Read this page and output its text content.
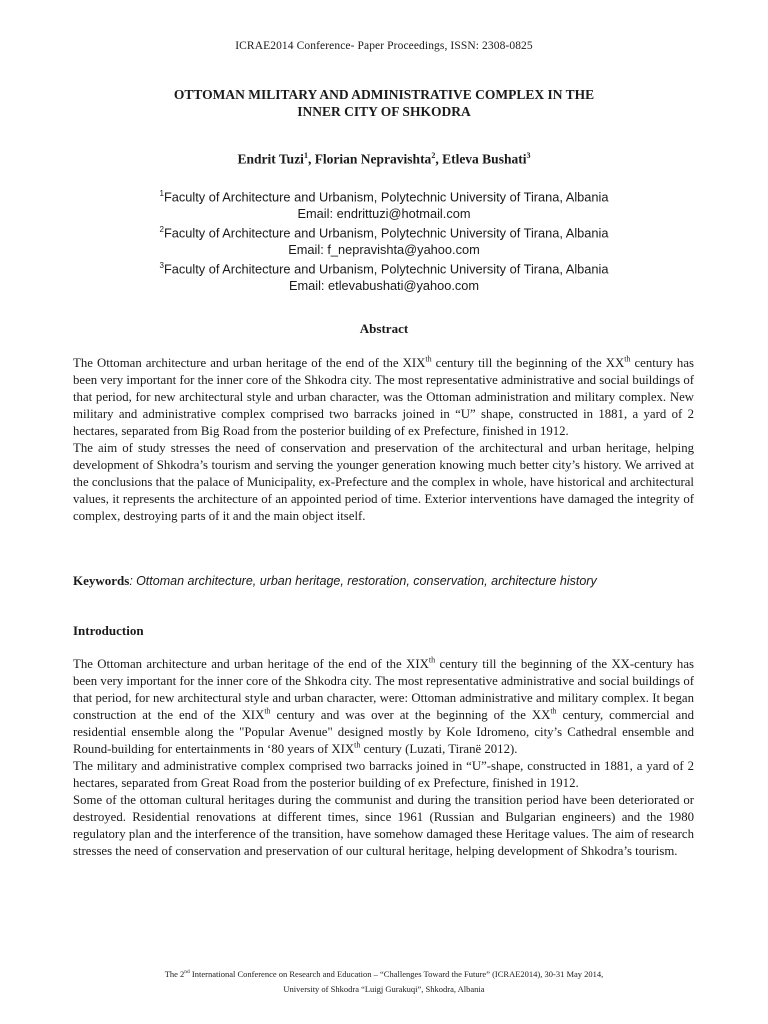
ICRAE2014 Conference- Paper Proceedings, ISSN: 2308-0825
OTTOMAN MILITARY AND ADMINISTRATIVE COMPLEX IN THE
INNER CITY OF SHKODRA
Endrit Tuzi$^1$, Florian Nepravishta$^2$, Etleva Bushati$^3$
$^1$Faculty of Architecture and Urbanism, Polytechnic University of Tirana, Albania
Email: endrittuzi@hotmail.com
$^2$Faculty of Architecture and Urbanism, Polytechnic University of Tirana, Albania
Email: f_nepravishta@yahoo.com
$^3$Faculty of Architecture and Urbanism, Polytechnic University of Tirana, Albania
Email: etlevabushati@yahoo.com
Abstract
The Ottoman architecture and urban heritage of the end of the XIXth century till the beginning of the XXth century has been very important for the inner core of the Shkodra city. The most representative administrative and social buildings of that period, for new architectural style and urban character, was the Ottoman administration and military complex. New military and administrative complex comprised two barracks joined in “U” shape, constructed in 1881, a yard of 2 hectares, separated from Big Road from the posterior building of ex Prefecture, finished in 1912.
The aim of study stresses the need of conservation and preservation of the architectural and urban heritage, helping development of Shkodra’s tourism and serving the younger generation knowing much better city’s history. We arrived at the conclusions that the palace of Municipality, ex-Prefecture and the complex in whole, have historical and architectural values, it represents the architecture of an appointed period of time. Exterior interventions have damaged the integrity of complex, destroying parts of it and the main object itself.
Keywords: Ottoman architecture, urban heritage, restoration, conservation, architecture history
Introduction
The Ottoman architecture and urban heritage of the end of the XIXth century till the beginning of the XX-century has been very important for the inner core of the Shkodra city. The most representative administrative and social buildings of that period, for new architectural style and urban character, were: Ottoman administrative and military complex. It began construction at the end of the XIXth century and was over at the beginning of the XXth century, commercial and residential ensemble along the "Popular Avenue" designed mostly by Kole Idromeno, city’s Cathedral ensemble and Round-building for entertainments in ‘80 years of XIXth century (Luzati, Tiranë 2012).
The military and administrative complex comprised two barracks joined in “U”-shape, constructed in 1881, a yard of 2 hectares, separated from Great Road from the posterior building of ex Prefecture, finished in 1912.
Some of the ottoman cultural heritages during the communist and during the transition period have been deteriorated or destroyed. Residential renovations at different times, since 1961 (Russian and Bulgarian engineers) and the 1980 regulatory plan and the interference of the transition, have somehow damaged these Heritage values. The aim of research stresses the need of conservation and preservation of our cultural heritage, helping development of Shkodra’s tourism.
The 2nd International Conference on Research and Education – “Challenges Toward the Future” (ICRAE2014), 30-31 May 2014,
University of Shkodra “Luigj Gurakuqi”, Shkodra, Albania
